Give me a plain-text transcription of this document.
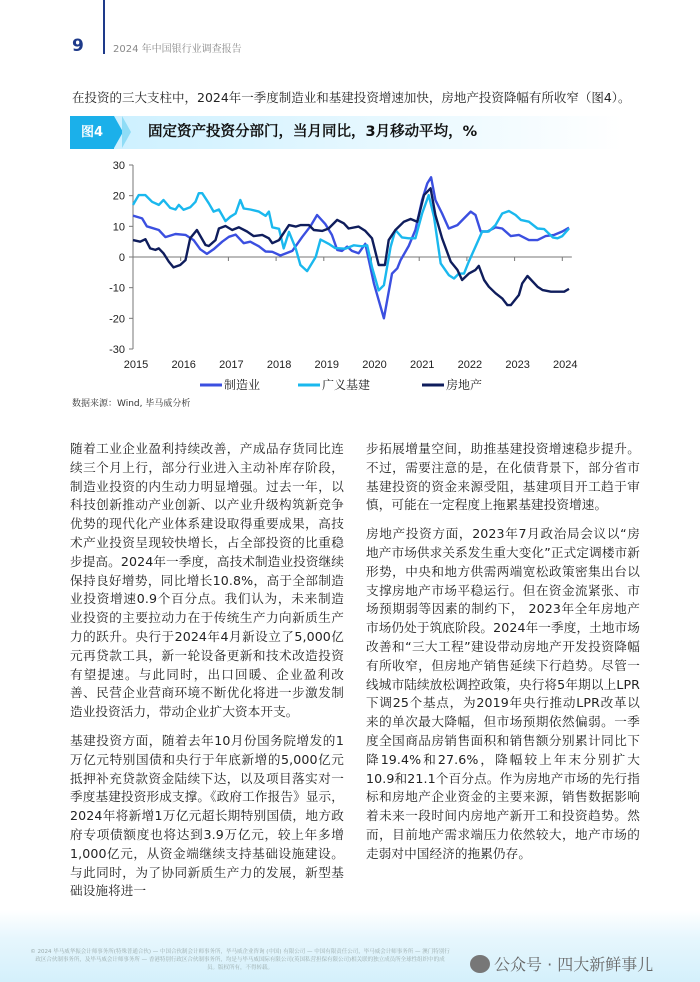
9	2024 年中国银行业调查报告
在投资的三大支柱中，2024年一季度制造业和基建投资增速加快，房地产投资降幅有所收窄（图4）。
图4	固定资产投资分部门，当月同比，3月移动平均，%
30
20
10
0
-10
-20
-30
2015 2016 2017 2018 2019 2020 2021 2022 2023 2024
制造业	广义基建	房地产
数据来源：Wind, 毕马威分析

随着工业企业盈利持续改善，产成品存货同比连续三个月上行，部分行业进入主动补库存阶段，制造业投资的内生动力明显增强。过去一年，以科技创新推动产业创新、以产业升级构筑新竞争优势的现代化产业体系建设取得重要成果，高技术产业投资呈现较快增长，占全部投资的比重稳步提高。2024年一季度，高技术制造业投资继续保持良好增势，同比增长10.8%，高于全部制造业投资增速0.9个百分点。我们认为，未来制造业投资的主要拉动力在于传统生产力向新质生产力的跃升。央行于2024年4月新设立了5,000亿元再贷款工具，新一轮设备更新和技术改造投资有望提速。与此同时，出口回暖、企业盈利改善、民营企业营商环境不断优化将进一步激发制造业投资活力，带动企业扩大资本开支。

基建投资方面，随着去年10月份国务院增发的1万亿元特别国债和央行于年底新增的5,000亿元抵押补充贷款资金陆续下达，以及项目落实对一季度基建投资形成支撑。《政府工作报告》显示，2024年将新增1万亿元超长期特别国债，地方政府专项债额度也将达到3.9万亿元，较上年多增1,000亿元，从资金端继续支持基础设施建设。与此同时，为了协同新质生产力的发展，新型基础设施将进一

步拓展增量空间，助推基建投资增速稳步提升。不过，需要注意的是，在化债背景下，部分省市基建投资的资金来源受阻，基建项目开工趋于审慎，可能在一定程度上拖累基建投资增速。

房地产投资方面，2023年7月政治局会议以“房地产市场供求关系发生重大变化”正式定调楼市新形势，中央和地方供需两端宽松政策密集出台以支撑房地产市场平稳运行。但在资金流紧张、市场预期弱等因素的制约下， 2023年全年房地产市场仍处于筑底阶段。2024年一季度，土地市场改善和“三大工程”建设带动房地产开发投资降幅有所收窄，但房地产销售延续下行趋势。尽管一线城市陆续放松调控政策，央行将5年期以上LPR下调25个基点，为2019年央行推动LPR改革以来的单次最大降幅，但市场预期依然偏弱。一季度全国商品房销售面积和销售额分别累计同比下降19.4%和27.6%，降幅较上年末分别扩大10.9和21.1个百分点。作为房地产市场的先行指标和房地产企业资金的主要来源，销售数据影响着未来一段时间内房地产新开工和投资趋势。然而，目前地产需求端压力依然较大，地产市场的走弱对中国经济的拖累仍存。

© 2024 毕马威华振会计师事务所(特殊普通合伙) — 中国合伙制会计师事务所，毕马威企业咨询 (中国) 有限公司 — 中国有限责任公司，毕马威会计师事务所 — 澳门特别行政区合伙制事务所，及毕马威会计师事务所 — 香港特别行政区合伙制事务所，均是与毕马威国际有限公司(英国私营担保有限公司)相关联的独立成员所全球性组织中的成员。版权所有，不得转载。	公众号 · 四大新鲜事儿
